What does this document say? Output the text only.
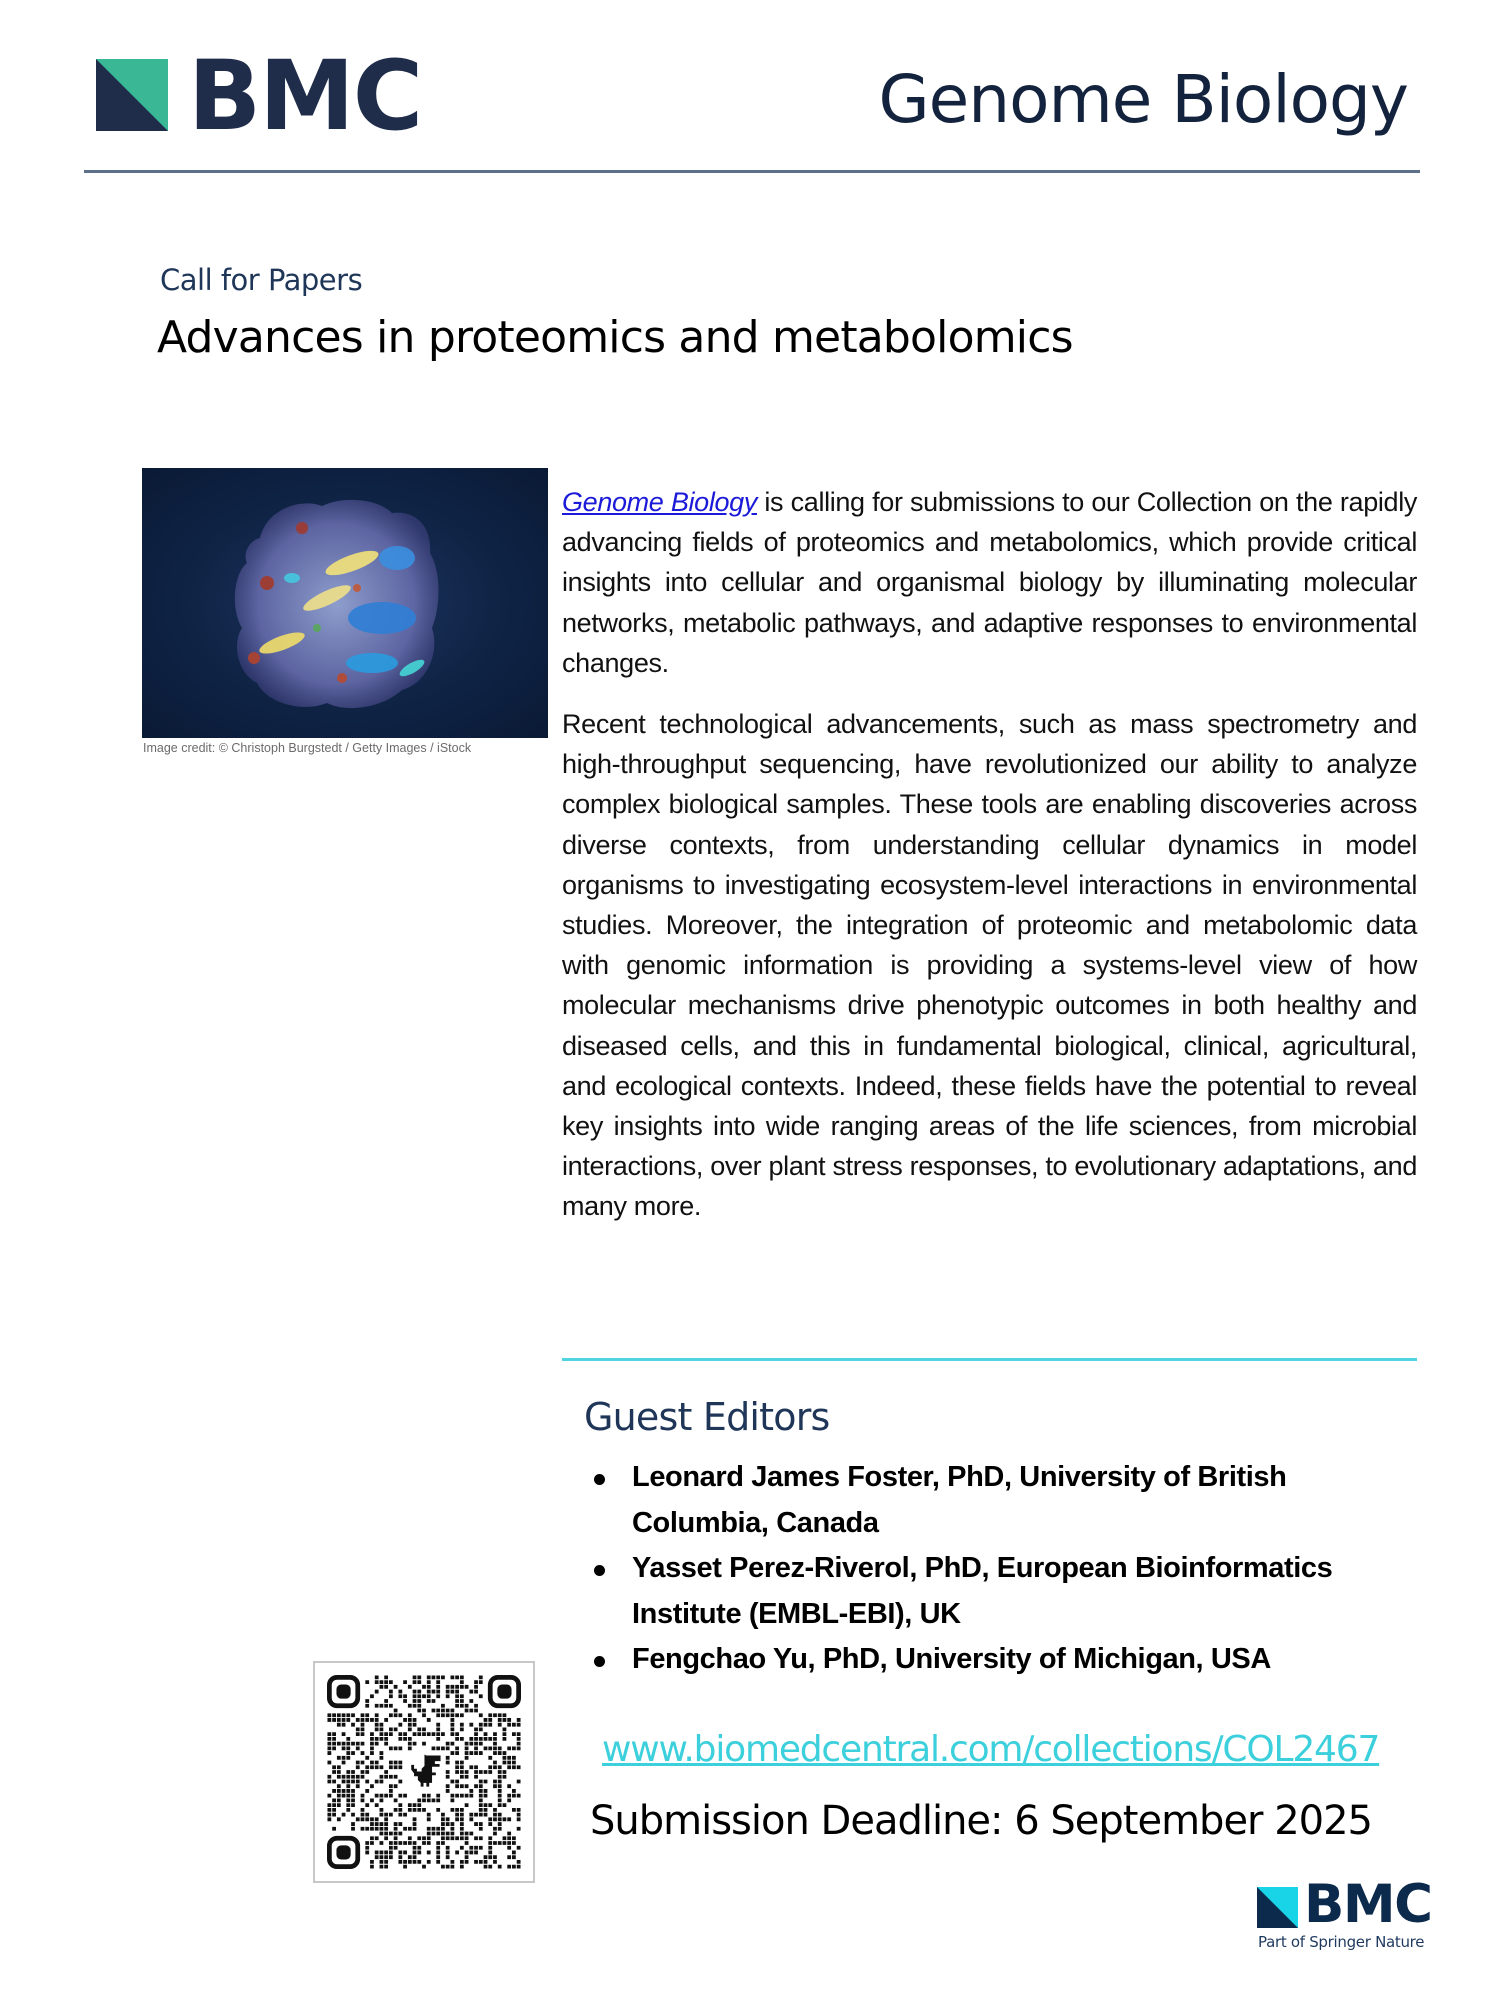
BMC	Genome Biology
Call for Papers
Advances in proteomics and metabolomics
Image credit: © Christoph Burgstedt / Getty Images / iStock

Genome Biology is calling for submissions to our Collection on the rapidly advancing fields of proteomics and metabolomics, which provide critical insights into cellular and organismal biology by illuminating molecular networks, metabolic pathways, and adaptive responses to environmental changes.

Recent technological advancements, such as mass spectrometry and high-throughput sequencing, have revolutionized our ability to analyze complex biological samples. These tools are enabling discoveries across diverse contexts, from understanding cellular dynamics in model organisms to investigating ecosystem-level interactions in environmental studies. Moreover, the integration of proteomic and metabolomic data with genomic information is providing a systems-level view of how molecular mechanisms drive phenotypic outcomes in both healthy and diseased cells, and this in fundamental biological, clinical, agricultural, and ecological contexts. Indeed, these fields have the potential to reveal key insights into wide ranging areas of the life sciences, from microbial interactions, over plant stress responses, to evolutionary adaptations, and many more.

Guest Editors
Leonard James Foster, PhD, University of British Columbia, Canada
Yasset Perez-Riverol, PhD, European Bioinformatics Institute (EMBL-EBI), UK
Fengchao Yu, PhD, University of Michigan, USA
www.biomedcentral.com/collections/COL2467
Submission Deadline: 6 September 2025
BMC
Part of Springer Nature
